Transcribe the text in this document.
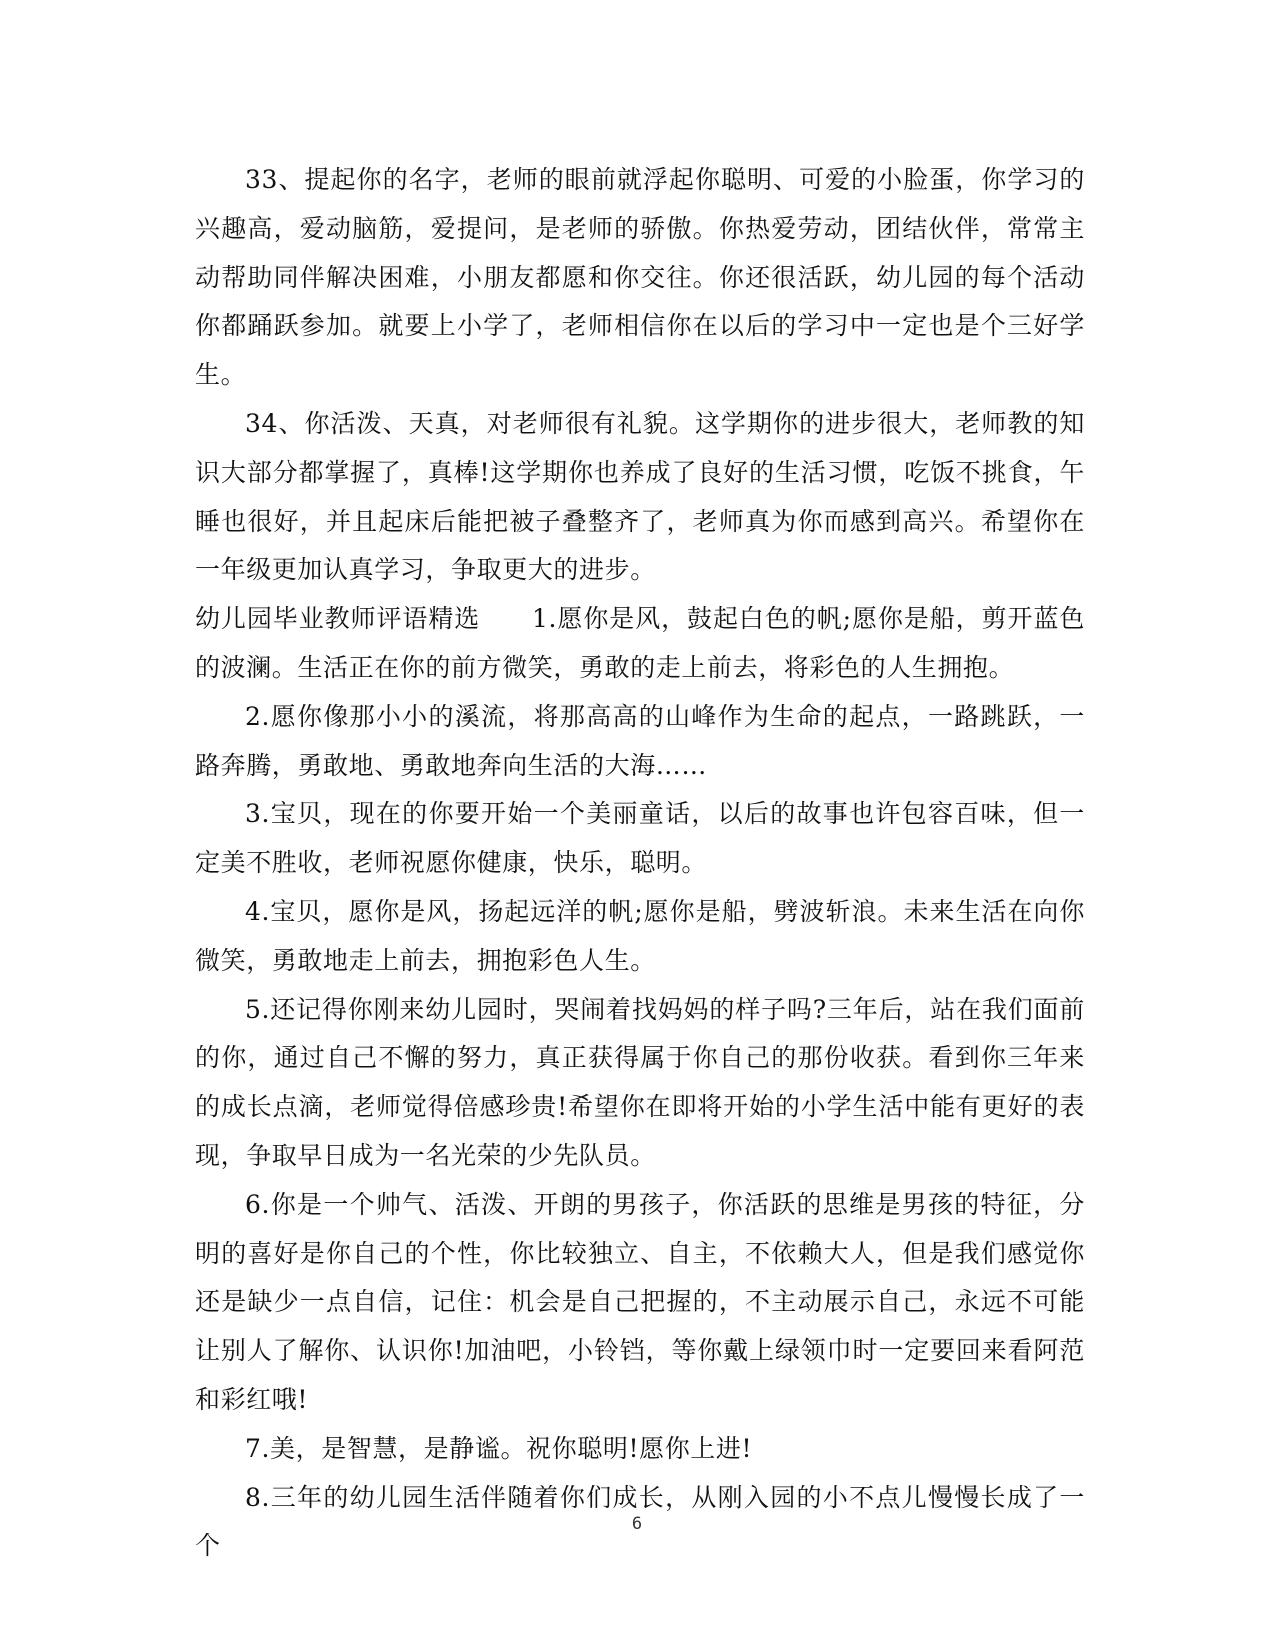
33、提起你的名字，老师的眼前就浮起你聪明、可爱的小脸蛋，你学习的兴趣高，爱动脑筋，爱提问，是老师的骄傲。你热爱劳动，团结伙伴，常常主动帮助同伴解决困难，小朋友都愿和你交往。你还很活跃，幼儿园的每个活动你都踊跃参加。就要上小学了，老师相信你在以后的学习中一定也是个三好学生。

34、你活泼、天真，对老师很有礼貌。这学期你的进步很大，老师教的知识大部分都掌握了，真棒!这学期你也养成了良好的生活习惯，吃饭不挑食，午睡也很好，并且起床后能把被子叠整齐了，老师真为你而感到高兴。希望你在一年级更加认真学习，争取更大的进步。

幼儿园毕业教师评语精选　　1.愿你是风，鼓起白色的帆;愿你是船，剪开蓝色的波澜。生活正在你的前方微笑，勇敢的走上前去，将彩色的人生拥抱。

2.愿你像那小小的溪流，将那高高的山峰作为生命的起点，一路跳跃，一路奔腾，勇敢地、勇敢地奔向生活的大海……

3.宝贝，现在的你要开始一个美丽童话，以后的故事也许包容百味，但一定美不胜收，老师祝愿你健康，快乐，聪明。

4.宝贝，愿你是风，扬起远洋的帆;愿你是船，劈波斩浪。未来生活在向你微笑，勇敢地走上前去，拥抱彩色人生。

5.还记得你刚来幼儿园时，哭闹着找妈妈的样子吗?三年后，站在我们面前的你，通过自己不懈的努力，真正获得属于你自己的那份收获。看到你三年来的成长点滴，老师觉得倍感珍贵!希望你在即将开始的小学生活中能有更好的表现，争取早日成为一名光荣的少先队员。

6.你是一个帅气、活泼、开朗的男孩子，你活跃的思维是男孩的特征，分明的喜好是你自己的个性，你比较独立、自主，不依赖大人，但是我们感觉你还是缺少一点自信，记住：机会是自己把握的，不主动展示自己，永远不可能让别人了解你、认识你!加油吧，小铃铛，等你戴上绿领巾时一定要回来看阿范和彩红哦!

7.美，是智慧，是静谧。祝你聪明!愿你上进!

8.三年的幼儿园生活伴随着你们成长，从刚入园的小不点儿慢慢长成了一个

6
